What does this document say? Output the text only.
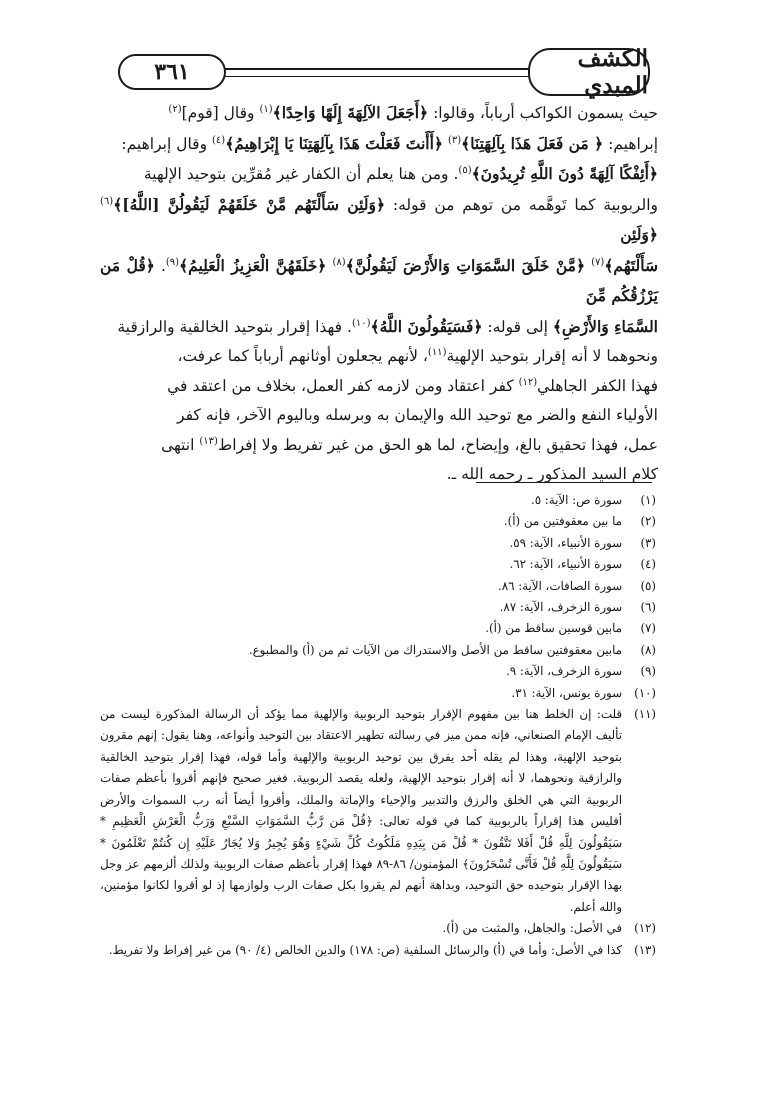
الكشف المبدي
٣٦١

حيث يسمون الكواكب أرباباً، وقالوا: ﴿أَجَعَلَ الآلِهَةَ إِلَهًا وَاحِدًا﴾$^{(١)}$ وقال [قوم]$^{(٢)}$

إبراهيم: ﴿ مَن فَعَلَ هَذَا بِآلِهَتِنَا﴾$^{(٣)}$ ﴿أَأَنتَ فَعَلْتَ هَذَا بِآلِهَتِنَا يَا إِبْرَاهِيمُ﴾$^{(٤)}$ وقال إبراهيم:

﴿أَئِفْكًا آلِهَةً دُونَ اللَّهِ تُرِيدُونَ﴾$^{(٥)}$. ومن هنا يعلم أن الكفار غير مُقرِّين بتوحيد الإلهية

والربوبية كما تَوهَّمه من توهم من قوله: ﴿وَلَئِن سَأَلْتَهُم مَّنْ خَلَقَهُمْ لَيَقُولُنَّ [اللَّهُ]﴾$^{(٦)}$ ﴿وَلَئِن

سَأَلْتَهُم﴾$^{(٧)}$ ﴿مَّنْ خَلَقَ السَّمَوَاتِ وَالأَرْضَ لَيَقُولُنَّ﴾$^{(٨)}$ ﴿خَلَقَهُنَّ الْعَزِيزُ الْعَلِيمُ﴾$^{(٩)}$. ﴿قُلْ مَن يَرْزُقُكُم مِّنَ

السَّمَاءِ وَالأَرْضِ﴾ إلى قوله: ﴿فَسَيَقُولُونَ اللَّهُ﴾$^{(١٠)}$. فهذا إقرار بتوحيد الخالقية والرازقية

ونحوهما لا أنه إقرار بتوحيد الإلهية$^{(١١)}$، لأنهم يجعلون أوثانهم أرباباً كما عرفت،

فهذا الكفر الجاهلي$^{(١٢)}$ كفر اعتقاد ومن لازمه كفر العمل، بخلاف من اعتقد في

الأولياء النفع والضر مع توحيد الله والإيمان به وبرسله وباليوم الآخر، فإنه كفر

عمل، فهذا تحقيق بالغ، وإيضاح، لما هو الحق من غير تفريط ولا إفراط$^{(١٣)}$ انتهى

كلام السيد المذكور ـ رحمه الله ـ.

(١)
سورة ص: الآية: ٥.
(٢)
ما بين معقوفتين من (أ).
(٣)
سورة الأنبياء، الآية: ٥٩.
(٤)
سورة الأنبياء، الآية: ٦٢.
(٥)
سورة الصافات، الآية: ٨٦.
(٦)
سورة الزخرف، الآية: ٨٧.
(٧)
مابين قوسين ساقط من (أ).
(٨)
مابين معقوفتين ساقط من الأصل والاستدراك من الآيات ثم من (أ) والمطبوع.
(٩)
سورة الزخرف، الآية: ٩.
(١٠)
سورة يونس، الآية: ٣١.
(١١)
قلت: إن الخلط هنا بين مفهوم الإقرار بتوحيد الربوبية والإلهية مما يؤكد أن الرسالة المذكورة ليست من تأليف الإمام الصنعاني، فإنه ممن ميز في رسالته تطهير الاعتقاد بين التوحيد وأنواعه، وهنا يقول: إنهم مقرون بتوحيد الإلهية، وهذا لم يقله أحد يفرق بين توحيد الربوبية والإلهية وأما قوله، فهذا إقرار بتوحيد الخالقية والرازقية ونحوهما، لا أنه إقرار بتوحيد الإلهية، ولعله يقصد الربوبية. فغير صحيح فإنهم أقروا بأعظم صفات الربوبية التي هي الخلق والرزق والتدبير والإحياء والإماتة والملك، وأقروا أيضاً أنه رب السموات والأرض أفليس هذا إقراراً بالربوبية كما في قوله تعالى: ﴿قُلْ مَن رَّبُّ السَّمَوَاتِ السَّبْعِ وَرَبُّ الْعَرْشِ الْعَظِيمِ * سَيَقُولُونَ لِلَّهِ قُلْ أَفَلا تَتَّقُونَ * قُلْ مَن بِيَدِهِ مَلَكُوتُ كُلِّ شَيْءٍ وَهُوَ يُجِيرُ وَلا يُجَارُ عَلَيْهِ إِن كُنتُمْ تَعْلَمُونَ * سَيَقُولُونَ لِلَّهِ قُلْ فَأَنَّى تُسْحَرُونَ﴾ المؤمنون/ ٨٦-٨٩ فهذا إقرار بأعظم صفات الربوبية ولذلك ألزمهم عز وجل بهذا الإقرار بتوحيده حق التوحيد، وبداهة أنهم لم يقروا بكل صفات الرب ولوازمها إذ لو أقروا لكانوا مؤمنين، والله أعلم.
(١٢)
في الأصل: والجاهل، والمثبت من (أ).
(١٣)
كذا في الأصل: وأما في (أ) والرسائل السلفية (ص: ١٧٨) والدين الخالص (٤/ ٩٠) من غير إفراط ولا تفريط.
